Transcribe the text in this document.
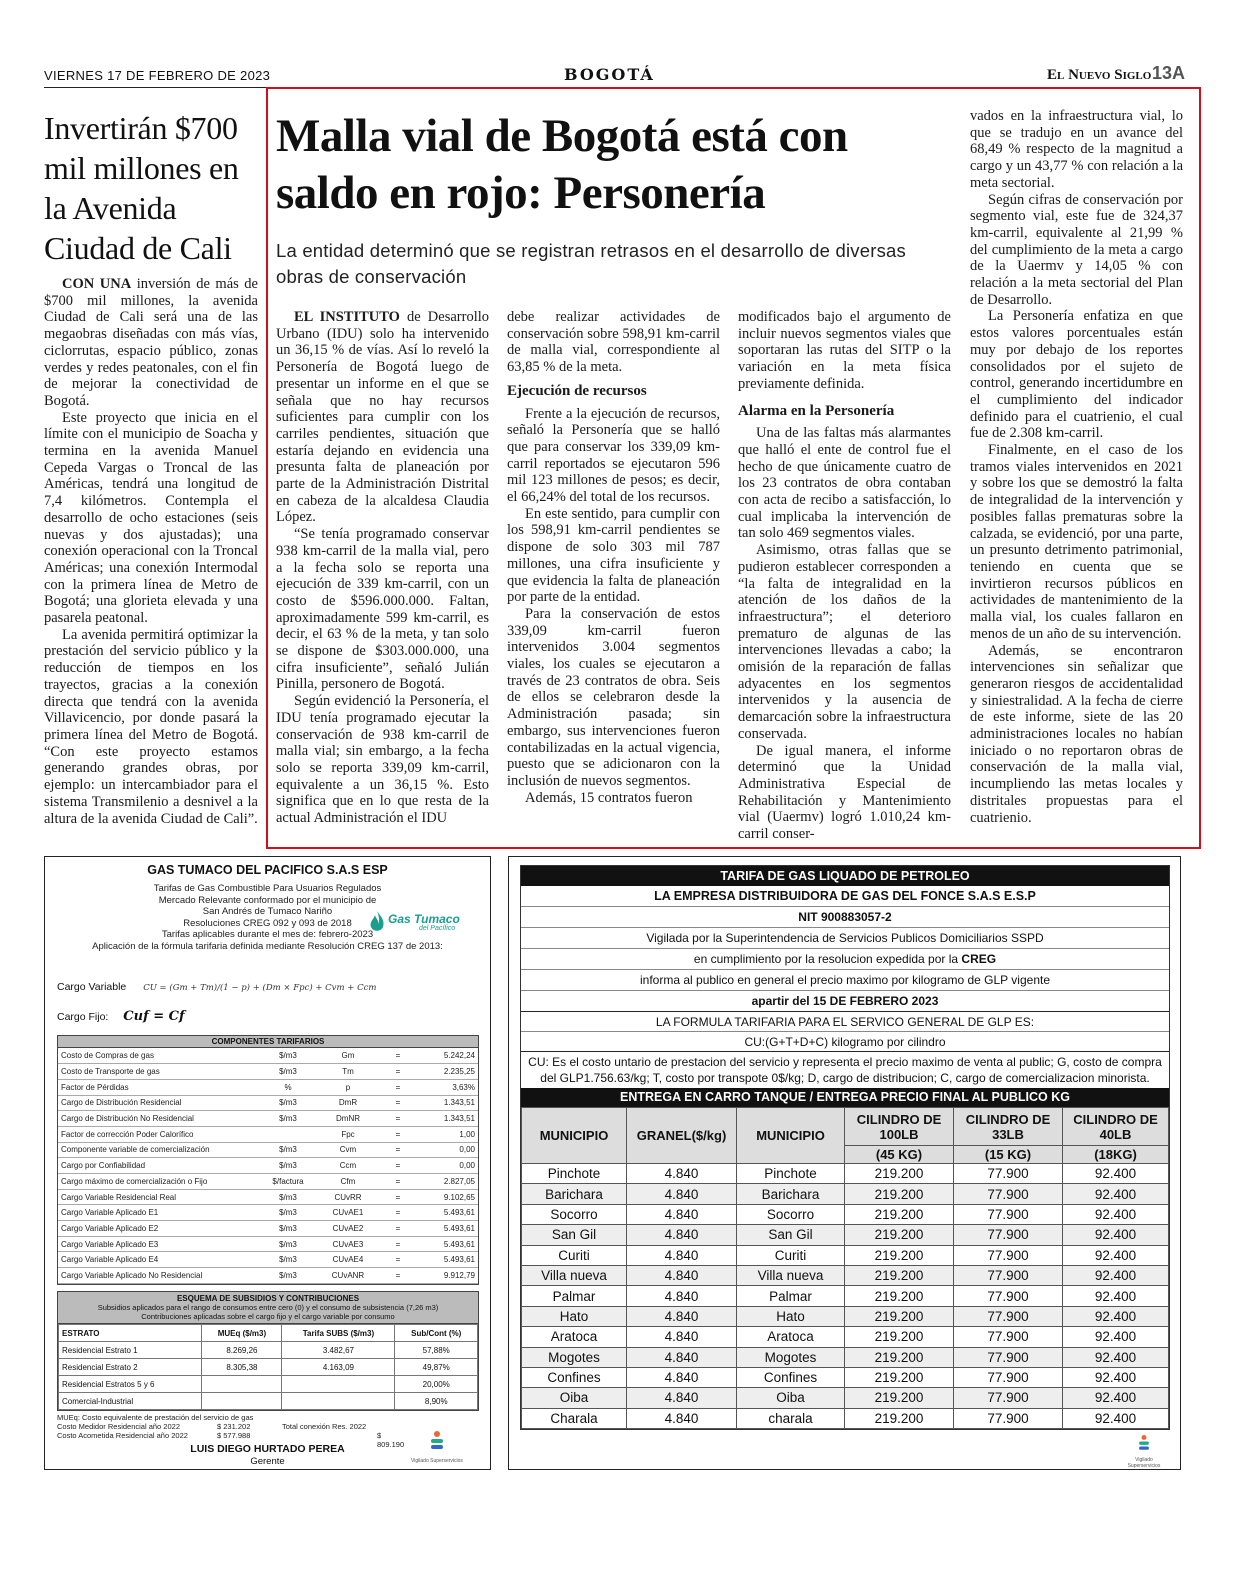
VIERNES 17 DE FEBRERO DE 2023	BOGOTÁ	El Nuevo Siglo 13A
Invertirán $700 mil millones en la Avenida Ciudad de Cali

CON UNA inversión de más de $700 mil millones, la avenida Ciudad de Cali será una de las megaobras diseñadas con más vías, ciclorrutas, espacio público, zonas verdes y redes peatonales, con el fin de mejorar la conectividad de Bogotá.

Este proyecto que inicia en el límite con el municipio de Soacha y termina en la avenida Manuel Cepeda Vargas o Troncal de las Américas, tendrá una longitud de 7,4 kilómetros. Contempla el desarrollo de ocho estaciones (seis nuevas y dos ajustadas); una conexión operacional con la Troncal Américas; una conexión Intermodal con la primera línea de Metro de Bogotá; una glorieta elevada y una pasarela peatonal.

La avenida permitirá optimizar la prestación del servicio público y la reducción de tiempos en los trayectos, gracias a la conexión directa que tendrá con la avenida Villavicencio, por donde pasará la primera línea del Metro de Bogotá. “Con este proyecto estamos generando grandes obras, por ejemplo: un intercambiador para el sistema Transmilenio a desnivel a la altura de la avenida Ciudad de Cali”.

Malla vial de Bogotá está con saldo en rojo: Personería
La entidad determinó que se registran retrasos en el desarrollo de diversas obras de conservación

EL INSTITUTO de Desarrollo Urbano (IDU) solo ha intervenido un 36,15 % de vías. Así lo reveló la Personería de Bogotá luego de presentar un informe en el que se señala que no hay recursos suficientes para cumplir con los carriles pendientes, situación que estaría dejando en evidencia una presunta falta de planeación por parte de la Administración Distrital en cabeza de la alcaldesa Claudia López.

“Se tenía programado conservar 938 km-carril de la malla vial, pero a la fecha solo se reporta una ejecución de 339 km-carril, con un costo de $596.000.000. Faltan, aproximadamente 599 km-carril, es decir, el 63 % de la meta, y tan solo se dispone de $303.000.000, una cifra insuficiente”, señaló Julián Pinilla, personero de Bogotá.

Según evidenció la Personería, el IDU tenía programado ejecutar la conservación de 938 km-carril de malla vial; sin embargo, a la fecha solo se reporta 339,09 km-carril, equivalente a un 36,15 %. Esto significa que en lo que resta de la actual Administración el IDU

debe realizar actividades de conservación sobre 598,91 km-carril de malla vial, correspondiente al 63,85 % de la meta.

Ejecución de recursos

Frente a la ejecución de recursos, señaló la Personería que se halló que para conservar los 339,09 km-carril reportados se ejecutaron 596 mil 123 millones de pesos; es decir, el 66,24% del total de los recursos.

En este sentido, para cumplir con los 598,91 km-carril pendientes se dispone de solo 303 mil 787 millones, una cifra insuficiente y que evidencia la falta de planeación por parte de la entidad.

Para la conservación de estos 339,09 km-carril fueron intervenidos 3.004 segmentos viales, los cuales se ejecutaron a través de 23 contratos de obra. Seis de ellos se celebraron desde la Administración pasada; sin embargo, sus intervenciones fueron contabilizadas en la actual vigencia, puesto que se adicionaron con la inclusión de nuevos segmentos.

Además, 15 contratos fueron

modificados bajo el argumento de incluir nuevos segmentos viales que soportaran las rutas del SITP o la variación en la meta física previamente definida.

Alarma en la Personería

Una de las faltas más alarmantes que halló el ente de control fue el hecho de que únicamente cuatro de los 23 contratos de obra contaban con acta de recibo a satisfacción, lo cual implicaba la intervención de tan solo 469 segmentos viales.

Asimismo, otras fallas que se pudieron establecer corresponden a “la falta de integralidad en la atención de los daños de la infraestructura”; el deterioro prematuro de algunas de las intervenciones llevadas a cabo; la omisión de la reparación de fallas adyacentes en los segmentos intervenidos y la ausencia de demarcación sobre la infraestructura conservada.

De igual manera, el informe determinó que la Unidad Administrativa Especial de Rehabilitación y Mantenimiento vial (Uaermv) logró 1.010,24 km-carril conser-

vados en la infraestructura vial, lo que se tradujo en un avance del 68,49 % respecto de la magnitud a cargo y un 43,77 % con relación a la meta sectorial.

Según cifras de conservación por segmento vial, este fue de 324,37 km-carril, equivalente al 21,99 % del cumplimiento de la meta a cargo de la Uaermv y 14,05 % con relación a la meta sectorial del Plan de Desarrollo.

La Personería enfatiza en que estos valores porcentuales están muy por debajo de los reportes consolidados por el sujeto de control, generando incertidumbre en el cumplimiento del indicador definido para el cuatrienio, el cual fue de 2.308 km-carril.

Finalmente, en el caso de los tramos viales intervenidos en 2021 y sobre los que se demostró la falta de integralidad de la intervención y posibles fallas prematuras sobre la calzada, se evidenció, por una parte, un presunto detrimento patrimonial, teniendo en cuenta que se invirtieron recursos públicos en actividades de mantenimiento de la malla vial, los cuales fallaron en menos de un año de su intervención.

Además, se encontraron intervenciones sin señalizar que generaron riesgos de accidentalidad y siniestralidad. A la fecha de cierre de este informe, siete de las 20 administraciones locales no habían iniciado o no reportaron obras de conservación de la malla vial, incumpliendo las metas locales y distritales propuestas para el cuatrienio.

GAS TUMACO DEL PACIFICO S.A.S ESP
Tarifas de Gas Combustible Para Usuarios Regulados
Mercado Relevante conformado por el municipio de
San Andrés de Tumaco Nariño
Resoluciones CREG 092 y 093 de 2018
Tarifas aplicables durante el mes de: febrero-2023
Aplicación de la fórmula tarifaria definida mediante Resolución CREG 137 de 2013:
Gas Tumaco
del Pacífico
Cargo Variable CU = (Gm + Tm)/(1 − p) + (Dm × Fpc) + Cvm + Ccm
Cargo Fijo: Cuf = Cf
COMPONENTES TARIFARIOS
Costo de Compras de gas	$/m3	Gm	=	5.242,24
Costo de Transporte de gas	$/m3	Tm	=	2.235,25
Factor de Pérdidas	%	p	=	3,63%
Cargo de Distribución Residencial	$/m3	DmR	=	1.343,51
Cargo de Distribución No Residencial	$/m3	DmNR	=	1.343,51
Factor de corrección Poder Calorífico		Fpc	=	1,00
Componente variable de comercialización	$/m3	Cvm	=	0,00
Cargo por Confiabilidad	$/m3	Ccm	=	0,00
Cargo máximo de comercialización o Fijo	$/factura	Cfm	=	2.827,05
Cargo Variable Residencial Real	$/m3	CUvRR	=	9.102,65
Cargo Variable Aplicado E1	$/m3	CUvAE1	=	5.493,61
Cargo Variable Aplicado E2	$/m3	CUvAE2	=	5.493,61
Cargo Variable Aplicado E3	$/m3	CUvAE3	=	5.493,61
Cargo Variable Aplicado E4	$/m3	CUvAE4	=	5.493,61
Cargo Variable Aplicado No Residencial	$/m3	CUvANR	=	9.912,79
ESQUEMA DE SUBSIDIOS Y CONTRIBUCIONES
Subsidios aplicados para el rango de consumos entre cero (0) y el consumo de subsistencia (7,26 m3)
Contribuciones aplicadas sobre el cargo fijo y el cargo variable por consumo
ESTRATO	MUEq ($/m3)	Tarifa SUBS ($/m3)	Sub/Cont (%)
Residencial Estrato 1	8.269,26	3.482,67	57,88%
Residencial Estrato 2	8.305,38	4.163,09	49,87%
Residencial Estratos 5 y 6			20,00%
Comercial-Industrial			8,90%
MUEq: Costo equivalente de prestación del servicio de gas
Costo Medidor Residencial año 2022	$ 231.202	Total conexión Res. 2022
Costo Acometida Residencial año 2022	$ 577.988	$ 809.190
LUIS DIEGO HURTADO PEREA
Gerente	Vigilado Superservicios
TARIFA DE GAS LIQUADO DE PETROLEO
LA EMPRESA DISTRIBUIDORA DE GAS DEL FONCE S.A.S E.S.P
NIT 900883057-2
Vigilada por la Superintendencia de Servicios Publicos Domiciliarios SSPD
en cumplimiento por la resolucion expedida por la CREG
informa al publico en general el precio maximo por kilogramo de GLP vigente
apartir del 15 DE FEBRERO 2023
LA FORMULA TARIFARIA PARA EL SERVICO GENERAL DE GLP ES:
CU:(G+T+D+C) kilogramo por cilindro
CU: Es el costo untario de prestacion del servicio y representa el precio maximo de venta al public; G, costo de compra del GLP1.756.63/kg; T, costo por transpote 0$/kg; D, cargo de distribucion; C, cargo de comercializacion minorista.
ENTREGA EN CARRO TANQUE / ENTREGA PRECIO FINAL AL PUBLICO KG
MUNICIPIO	GRANEL($/kg)	MUNICIPIO	CILINDRO DE 100LB	CILINDRO DE 33LB	CILINDRO DE 40LB
			(45 KG)	(15 KG)	(18KG)
Pinchote	4.840	Pinchote	219.200	77.900	92.400
Barichara	4.840	Barichara	219.200	77.900	92.400
Socorro	4.840	Socorro	219.200	77.900	92.400
San Gil	4.840	San Gil	219.200	77.900	92.400
Curiti	4.840	Curiti	219.200	77.900	92.400
Villa nueva	4.840	Villa nueva	219.200	77.900	92.400
Palmar	4.840	Palmar	219.200	77.900	92.400
Hato	4.840	Hato	219.200	77.900	92.400
Aratoca	4.840	Aratoca	219.200	77.900	92.400
Mogotes	4.840	Mogotes	219.200	77.900	92.400
Confines	4.840	Confines	219.200	77.900	92.400
Oiba	4.840	Oiba	219.200	77.900	92.400
Charala	4.840	charala	219.200	77.900	92.400
Vigilado Superservicios
